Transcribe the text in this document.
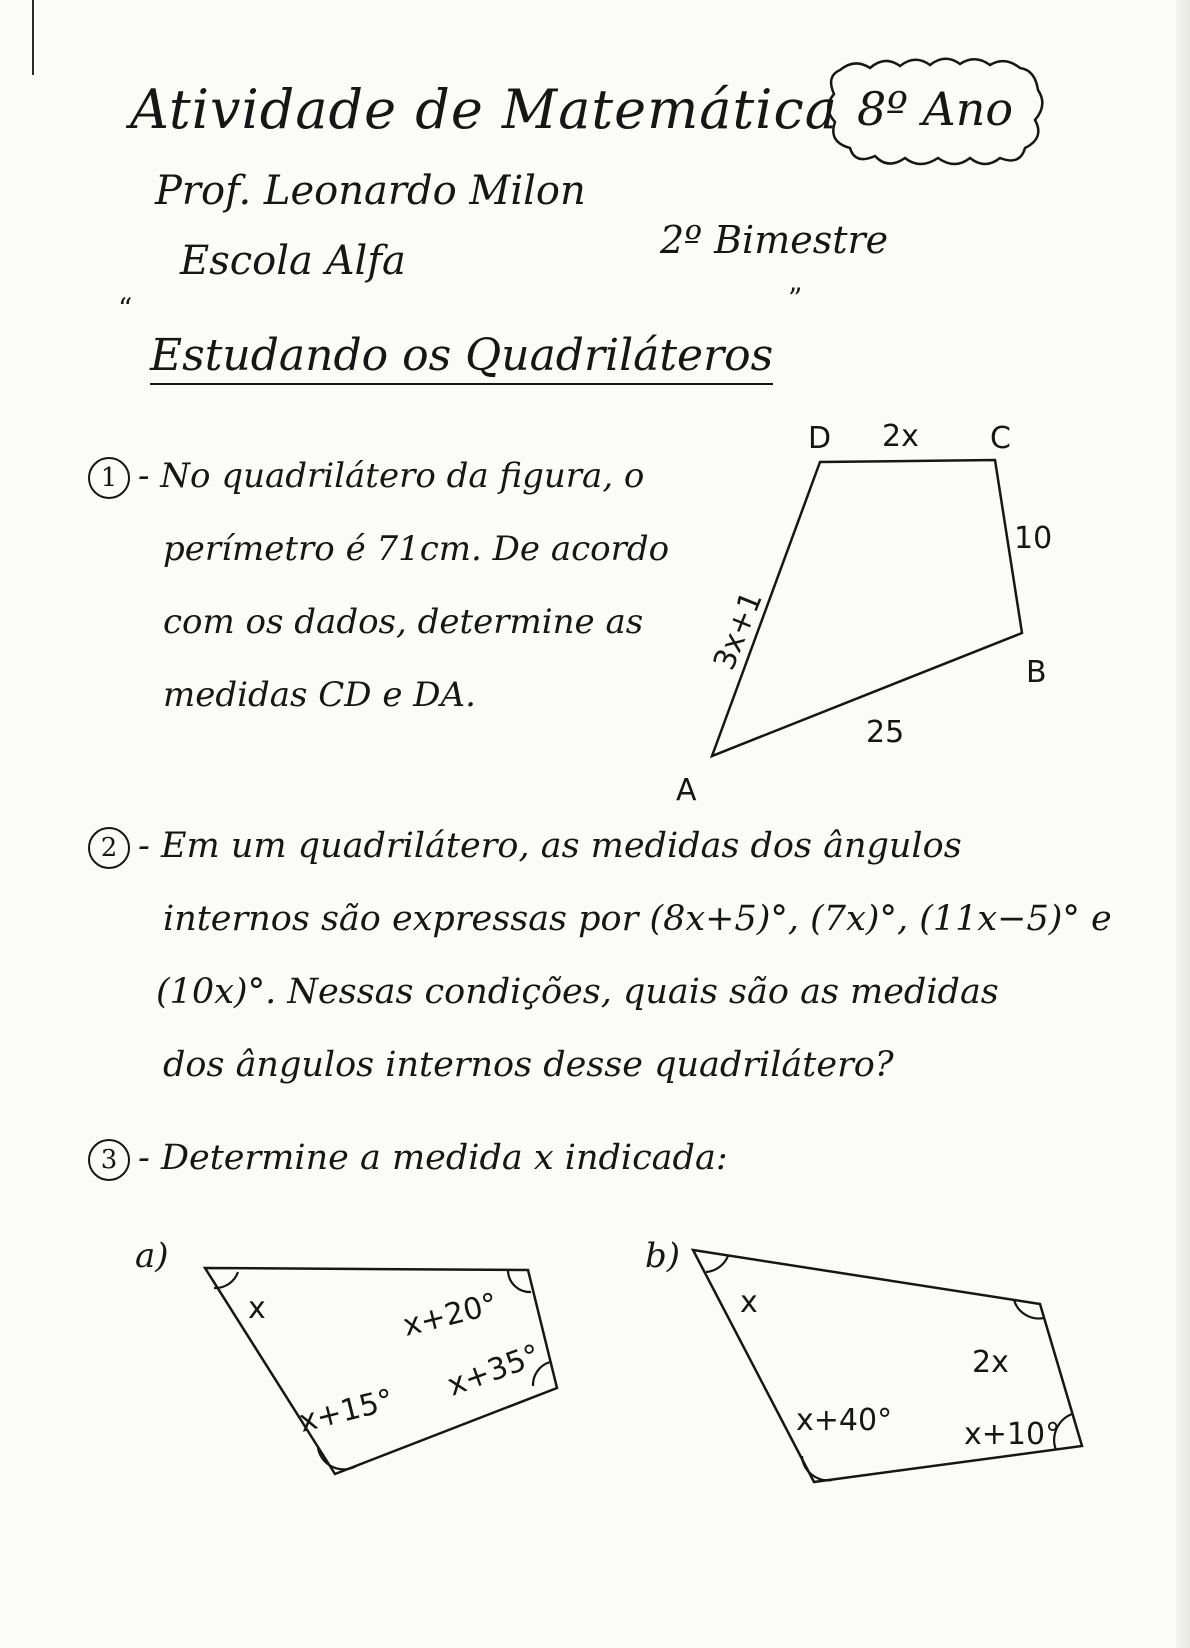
Atividade de Matemática 8º Ano
Prof. Leonardo Milon
Escola Alfa	2º Bimestre
“
Estudando os Quadriláteros
”
1 - No quadrilátero da figura, o
perímetro é 71cm. De acordo
com os dados, determine as
medidas CD e DA.
D	C
B
A
2x
10
25
3x+1
2 - Em um quadrilátero, as medidas dos ângulos
internos são expressas por (8x+5)°, (7x)°, (11x−5)° e
(10x)°. Nessas condições, quais são as medidas
dos ângulos internos desse quadrilátero?
3 - Determine a medida x indicada:
a)	b)
x	x+20°
x+35°
x+15°
x
2x
x+10°
x+40°
